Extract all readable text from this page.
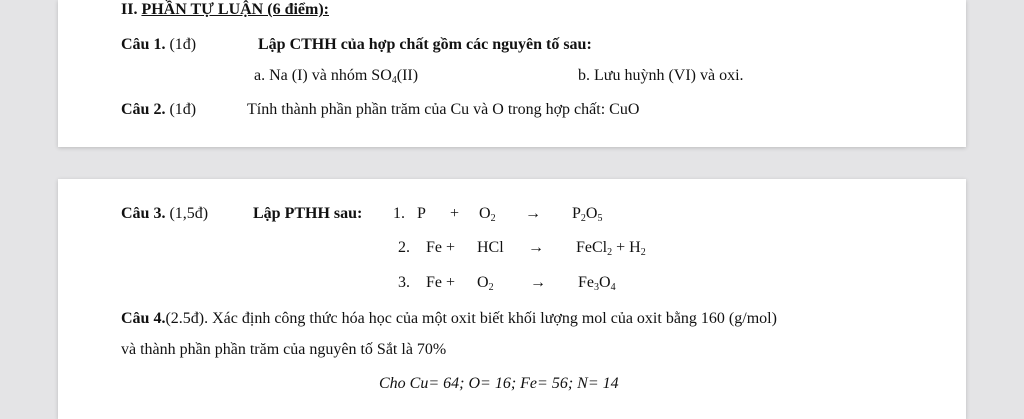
II. PHẦN TỰ LUẬN (6 điểm):
Câu 1. (1đ)	Lập CTHH của hợp chất gồm các nguyên tố sau:
a. Na (I) và nhóm $SO_4(II)$	b. Lưu huỳnh (VI) và oxi.
Câu 2. (1đ)	Tính thành phần phần trăm của Cu và O trong hợp chất: CuO
Câu 3. (1,5đ)	Lập PTHH sau: 1. $P + O_2 \to P_2O_5$
2. Fe + HCl → FeCl$_2$ + $H_2$
3. $Fe + O_2 \to Fe_3O_4$
Câu 4.(2.5đ). Xác định công thức hóa học của một oxit biết khối lượng mol của oxit bằng 160 (g/mol)
và thành phần phần trăm của nguyên tố Sắt là 70%
Cho Cu= 64; O= 16; Fe= 56; N= 14
